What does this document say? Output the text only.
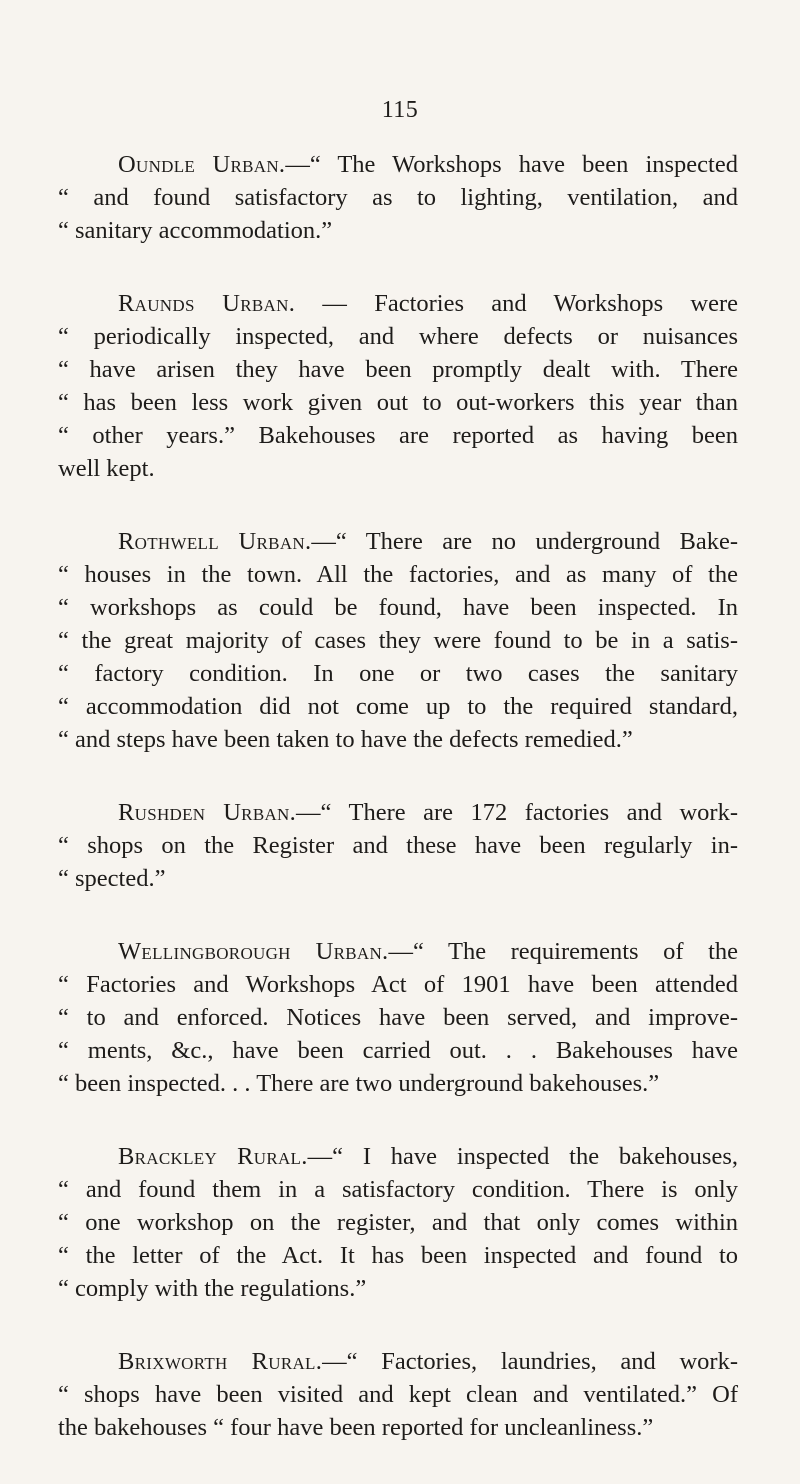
115

Oundle Urban.—“ The Workshops have been inspected
“ and found satisfactory as to lighting, ventilation, and
“ sanitary accommodation.”

Raunds Urban. — Factories and Workshops were
“ periodically inspected, and where defects or nuisances
“ have arisen they have been promptly dealt with. There
“ has been less work given out to out-workers this year than
“ other years.” Bakehouses are reported as having been
well kept.

Rothwell Urban.—“ There are no underground Bake-
“ houses in the town. All the factories, and as many of the
“ workshops as could be found, have been inspected. In
“ the great majority of cases they were found to be in a satis-
“ factory condition. In one or two cases the sanitary
“ accommodation did not come up to the required standard,
“ and steps have been taken to have the defects remedied.”

Rushden Urban.—“ There are 172 factories and work-
“ shops on the Register and these have been regularly in-
“ spected.”

Wellingborough Urban.—“ The requirements of the
“ Factories and Workshops Act of 1901 have been attended
“ to and enforced. Notices have been served, and improve-
“ ments, &c., have been carried out. . . Bakehouses have
“ been inspected. . . There are two underground bakehouses.”

Brackley Rural.—“ I have inspected the bakehouses,
“ and found them in a satisfactory condition. There is only
“ one workshop on the register, and that only comes within
“ the letter of the Act. It has been inspected and found to
“ comply with the regulations.”

Brixworth Rural.—“ Factories, laundries, and work-
“ shops have been visited and kept clean and ventilated.” Of
the bakehouses “ four have been reported for uncleanliness.”
